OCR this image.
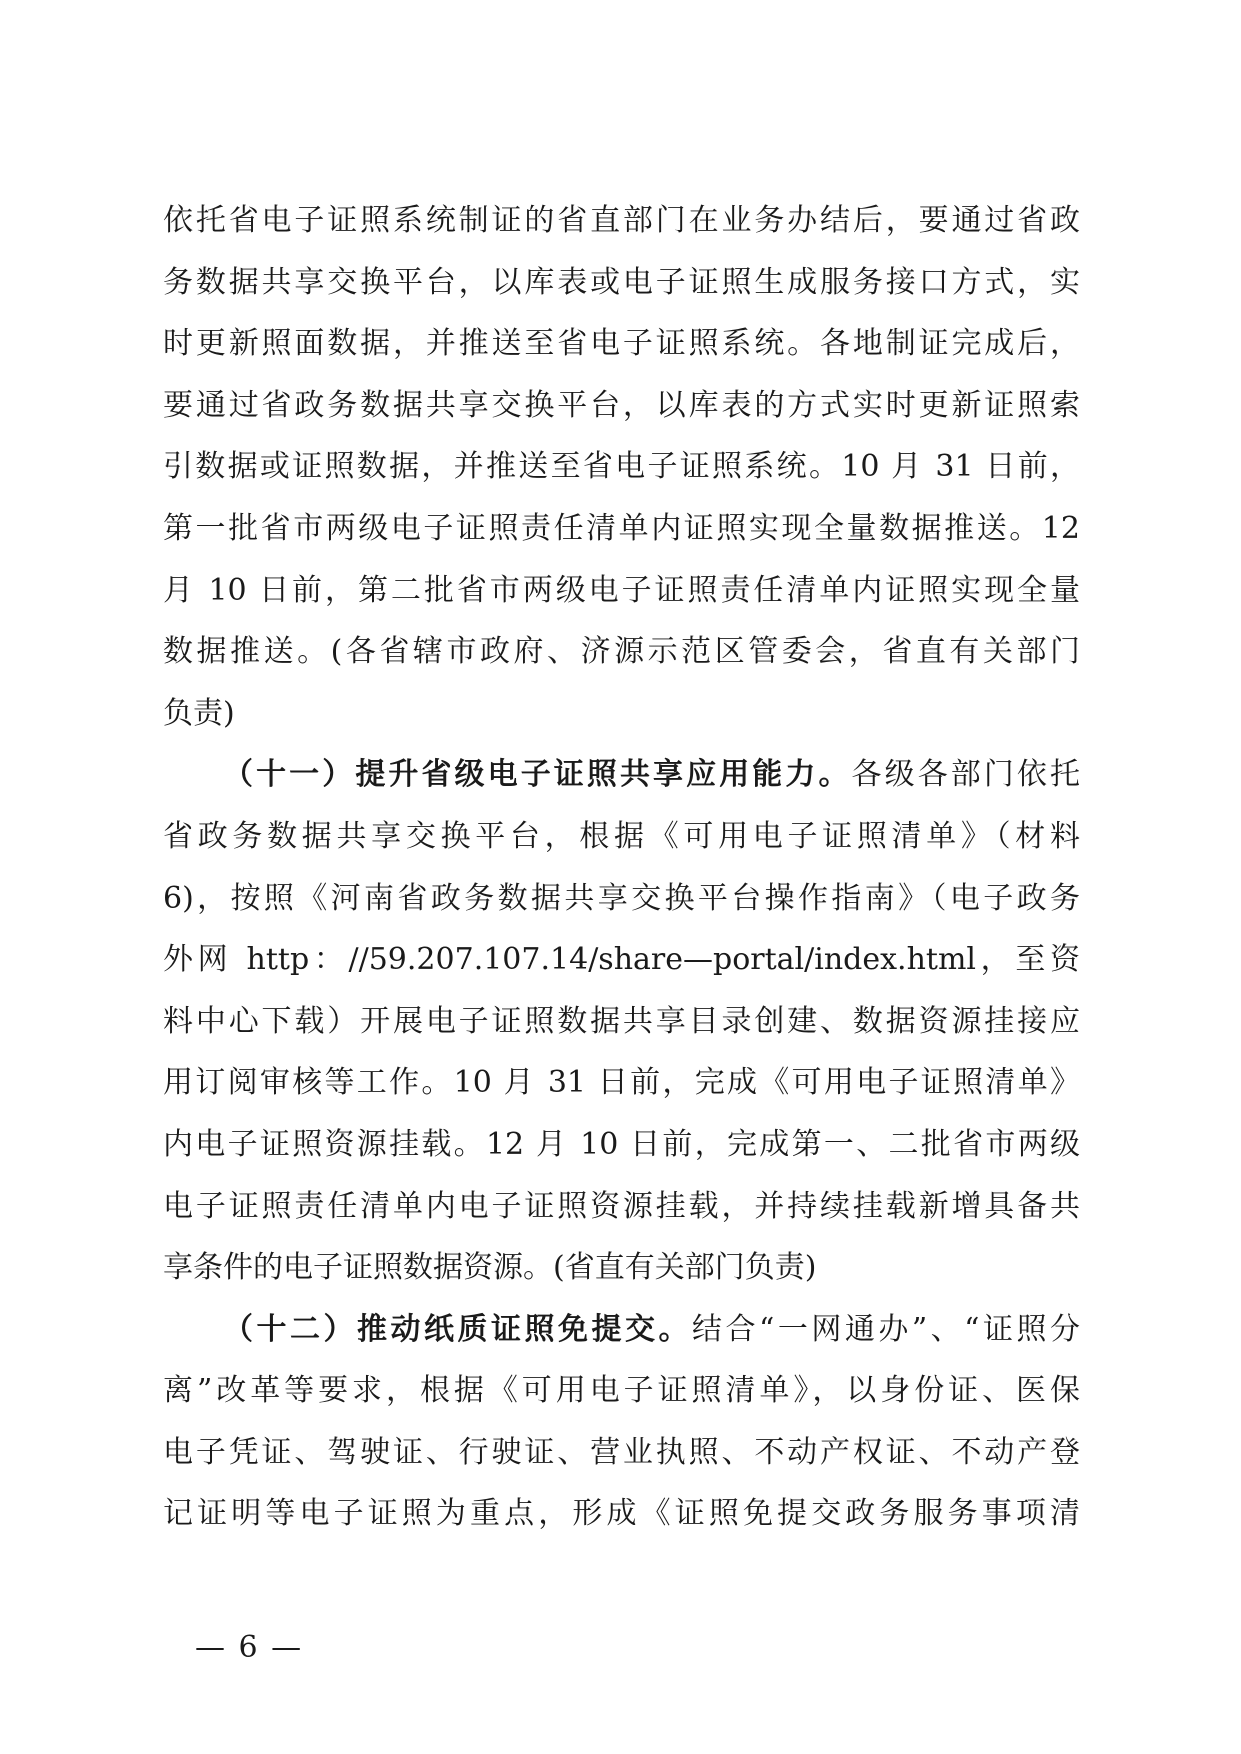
依托省电子证照系统制证的省直部门在业务办结后，要通过省政
务数据共享交换平台，以库表或电子证照生成服务接口方式，实
时更新照面数据，并推送至省电子证照系统。各地制证完成后，
要通过省政务数据共享交换平台，以库表的方式实时更新证照索
引数据或证照数据，并推送至省电子证照系统。10 月 31 日前，
第一批省市两级电子证照责任清单内证照实现全量数据推送。12
月 10 日前，第二批省市两级电子证照责任清单内证照实现全量
数据推送。(各省辖市政府、济源示范区管委会，省直有关部门
负责)
（十一）提升省级电子证照共享应用能力。各级各部门依托
省政务数据共享交换平台，根据《可用电子证照清单》（材料
6)，按照《河南省政务数据共享交换平台操作指南》（电子政务
外网 http：//59.207.107.14/share—portal/index.html，至资
料中心下载）开展电子证照数据共享目录创建、数据资源挂接应
用订阅审核等工作。10 月 31 日前，完成《可用电子证照清单》
内电子证照资源挂载。12 月 10 日前，完成第一、二批省市两级
电子证照责任清单内电子证照资源挂载，并持续挂载新增具备共
享条件的电子证照数据资源。(省直有关部门负责)
（十二）推动纸质证照免提交。结合“一网通办”、“证照分
离”改革等要求，根据《可用电子证照清单》，以身份证、医保
电子凭证、驾驶证、行驶证、营业执照、不动产权证、不动产登
记证明等电子证照为重点，形成《证照免提交政务服务事项清
— 6 —
